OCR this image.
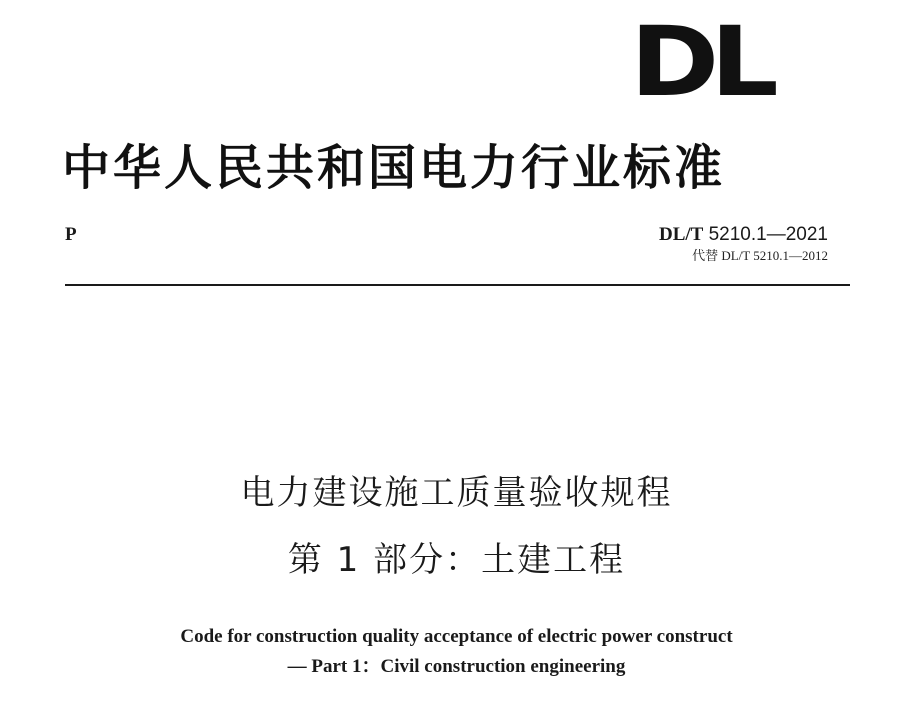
DL
中华人民共和国电力行业标准
P	DL/T 5210.1—2021
代替 DL/T 5210.1—2012
电力建设施工质量验收规程
第 1 部分：土建工程
Code for construction quality acceptance of electric power construct
— Part 1：Civil construction engineering
